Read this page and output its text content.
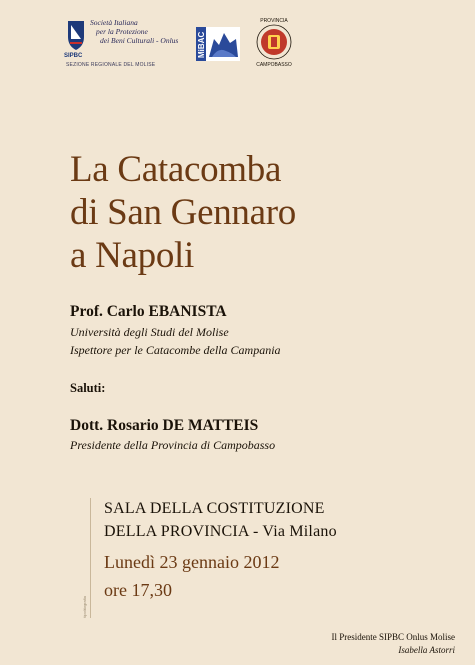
SIPBC
Società Italiana
per la Protezione
dei Beni Culturali - Onlus
SEZIONE REGIONALE DEL MOLISE
MiBAC
PROVINCIA
CAMPOBASSO
La Catacomba
di San Gennaro
a Napoli
Prof. Carlo EBANISTA
Università degli Studi del Molise
Ispettore per le Catacombe della Campania
Saluti:
Dott. Rosario DE MATTEIS
Presidente della Provincia di Campobasso
tipolitografia
SALA DELLA COSTITUZIONE
DELLA PROVINCIA - Via Milano
Lunedì 23 gennaio 2012
ore 17,30
Il Presidente SIPBC Onlus Molise
Isabella Astorri
